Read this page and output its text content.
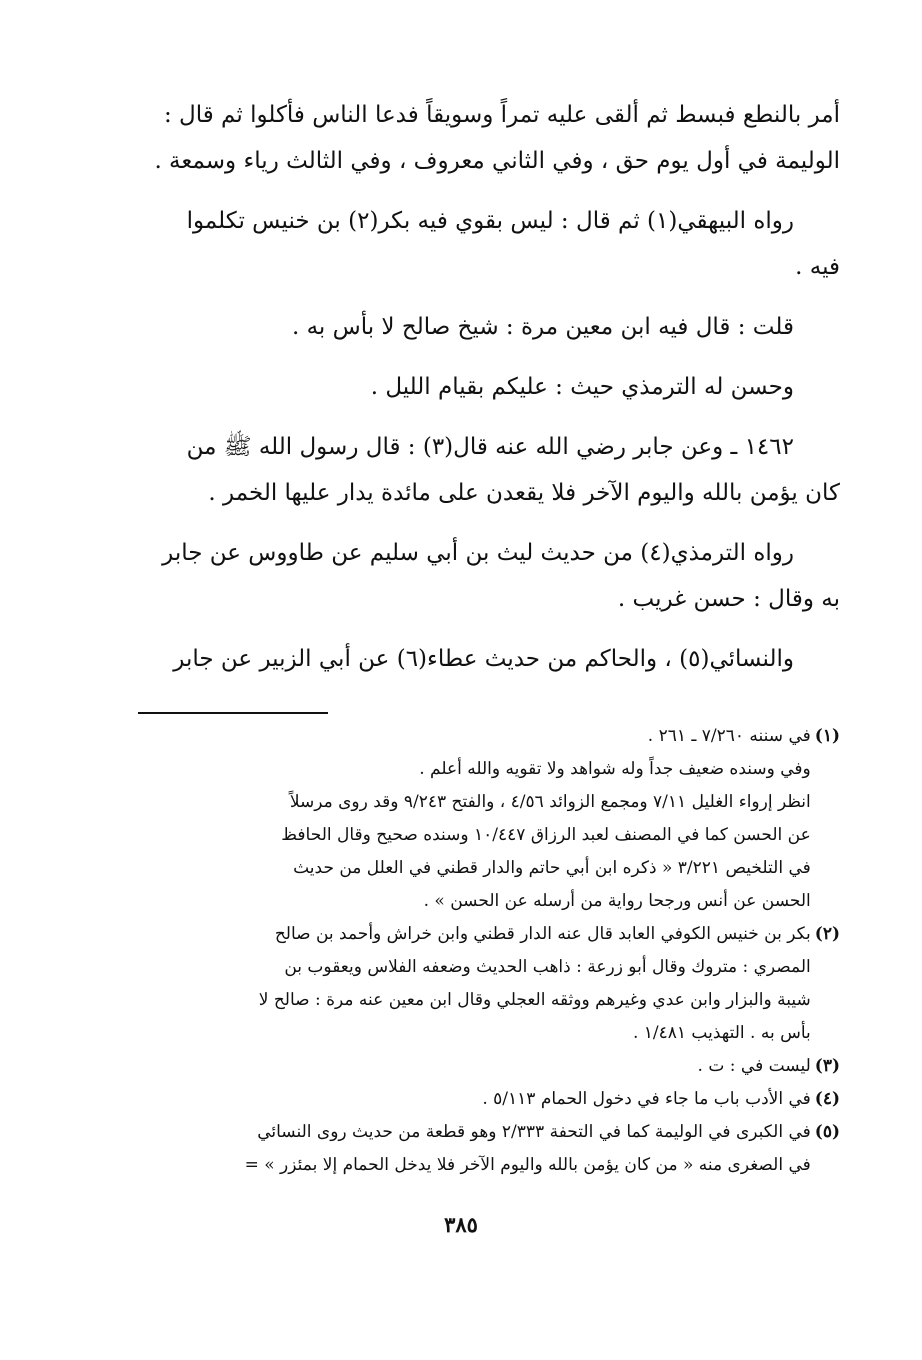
أمر بالنطع فبسط ثم ألقى عليه تمراً وسويقاً فدعا الناس فأكلوا ثم قال :

الوليمة في أول يوم حق ، وفي الثاني معروف ، وفي الثالث رياء وسمعة .

رواه البيهقي(١) ثم قال : ليس بقوي فيه بكر(٢) بن خنيس تكلموا

فيه .

قلت : قال فيه ابن معين مرة : شيخ صالح لا بأس به .

وحسن له الترمذي حيث : عليكم بقيام الليل .

١٤٦٢ ـ وعن جابر رضي الله عنه قال(٣) : قال رسول الله ﷺ من

كان يؤمن بالله واليوم الآخر فلا يقعدن على مائدة يدار عليها الخمر .

رواه الترمذي(٤) من حديث ليث بن أبي سليم عن طاووس عن جابر

به وقال : حسن غريب .

والنسائي(٥) ، والحاكم من حديث عطاء(٦) عن أبي الزبير عن جابر

(١)
في سننه ٧/٢٦٠ ـ ٢٦١ .
وفي وسنده ضعيف جداً وله شواهد ولا تقويه والله أعلم .
انظر إرواء الغليل ٧/١١ ومجمع الزوائد ٤/٥٦ ، والفتح ٩/٢٤٣ وقد روى مرسلاً
عن الحسن كما في المصنف لعبد الرزاق ١٠/٤٤٧ وسنده صحيح وقال الحافظ
في التلخيص ٣/٢٢١ « ذكره ابن أبي حاتم والدار قطني في العلل من حديث
الحسن عن أنس ورجحا رواية من أرسله عن الحسن » .
(٢)
بكر بن خنيس الكوفي العابد قال عنه الدار قطني وابن خراش وأحمد بن صالح
المصري : متروك وقال أبو زرعة : ذاهب الحديث وضعفه الفلاس ويعقوب بن
شيبة والبزار وابن عدي وغيرهم ووثقه العجلي وقال ابن معين عنه مرة : صالح لا
بأس به . التهذيب ١/٤٨١ .
(٣)
ليست في : ت .
(٤)
في الأدب باب ما جاء في دخول الحمام ٥/١١٣ .
(٥)
في الكبرى في الوليمة كما في التحفة ٢/٣٣٣ وهو قطعة من حديث روى النسائي
في الصغرى منه « من كان يؤمن بالله واليوم الآخر فلا يدخل الحمام إلا بمئزر » =
٣٨٥
